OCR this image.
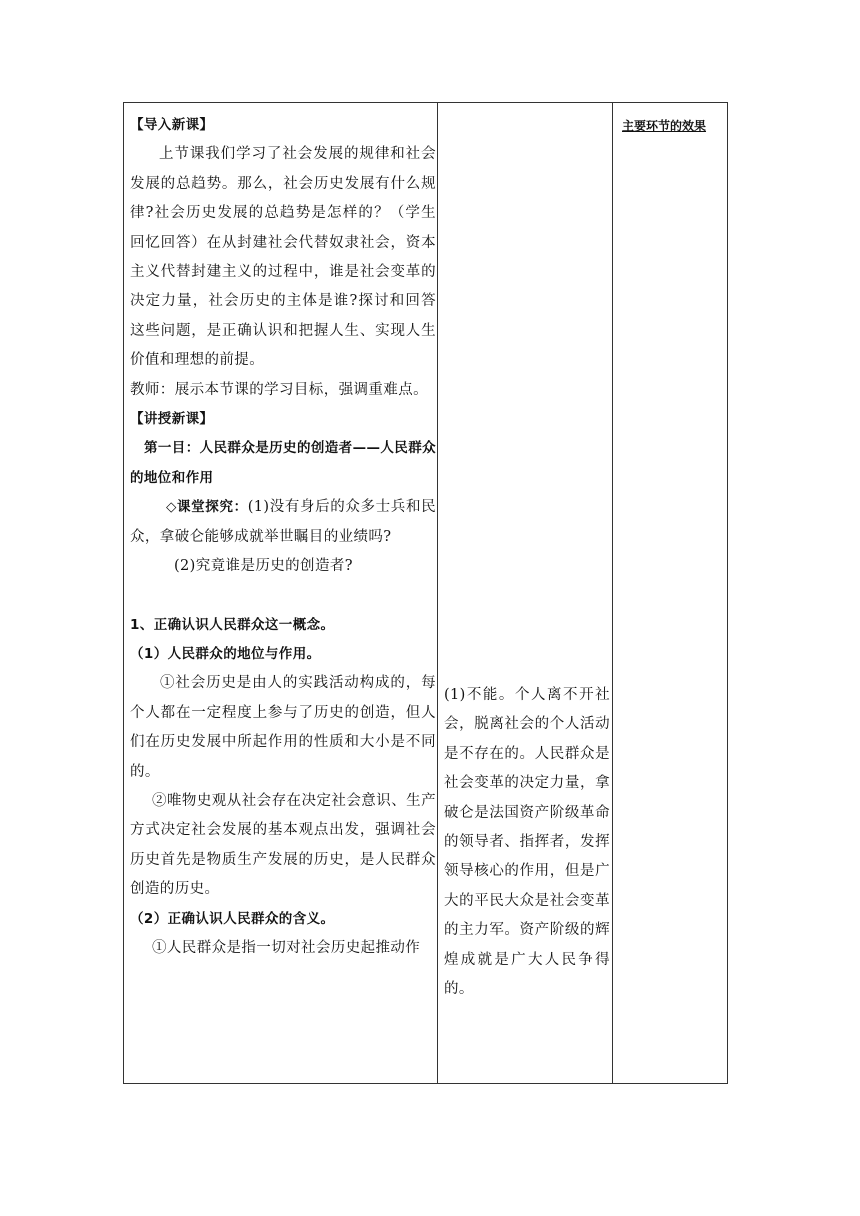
【导入新课】

上节课我们学习了社会发展的规律和社会发展的总趋势。那么，社会历史发展有什么规律?社会历史发展的总趋势是怎样的？（学生回忆回答）在从封建社会代替奴隶社会，资本主义代替封建主义的过程中，谁是社会变革的决定力量，社会历史的主体是谁?探讨和回答这些问题，是正确认识和把握人生、实现人生价值和理想的前提。

教师：展示本节课的学习目标，强调重难点。

【讲授新课】

第一目：人民群众是历史的创造者——人民群众的地位和作用

◇课堂探究：(1)没有身后的众多士兵和民众，拿破仑能够成就举世瞩目的业绩吗?

(2)究竟谁是历史的创造者?

1、正确认识人民群众这一概念。

（1）人民群众的地位与作用。

①社会历史是由人的实践活动构成的，每个人都在一定程度上参与了历史的创造，但人们在历史发展中所起作用的性质和大小是不同的。

②唯物史观从社会存在决定社会意识、生产方式决定社会发展的基本观点出发，强调社会历史首先是物质生产发展的历史，是人民群众创造的历史。

（2）正确认识人民群众的含义。

①人民群众是指一切对社会历史起推动作

(1)不能。个人离不开社会，脱离社会的个人活动是不存在的。人民群众是社会变革的决定力量，拿破仑是法国资产阶级革命的领导者、指挥者，发挥领导核心的作用，但是广大的平民大众是社会变革的主力军。资产阶级的辉煌成就是广大人民争得的。

主要环节的效果
